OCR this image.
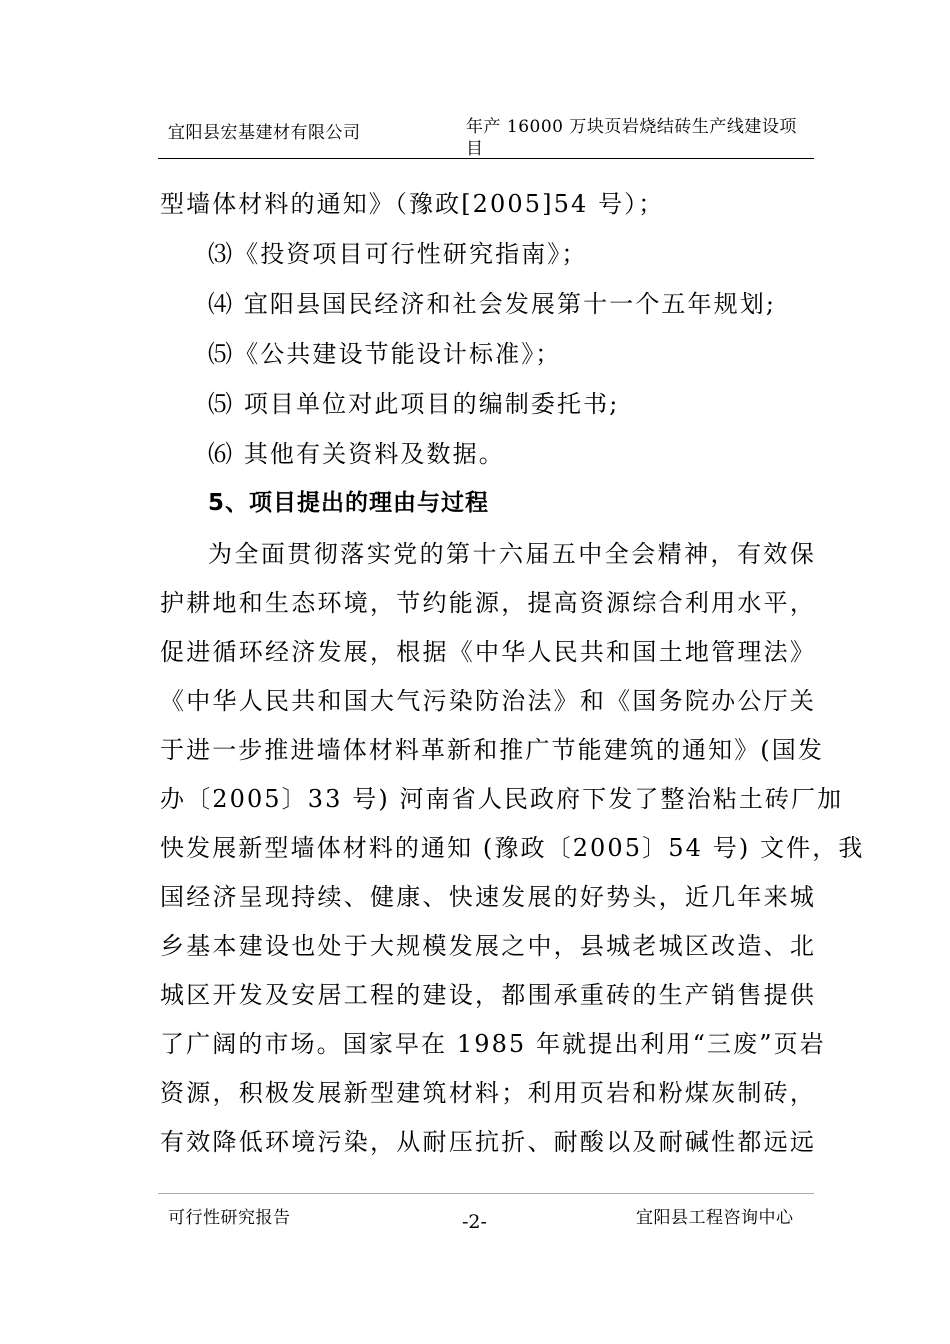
宜阳县宏基建材有限公司	年产 16000 万块页岩烧结砖生产线建设项
目
型墙体材料的通知》（豫政[2005]54 号）；
⑶《投资项目可行性研究指南》；
⑷ 宜阳县国民经济和社会发展第十一个五年规划;
⑸《公共建设节能设计标准》；
⑸ 项目单位对此项目的编制委托书;
⑹ 其他有关资料及数据。
5、项目提出的理由与过程
为全面贯彻落实党的第十六届五中全会精神，有效保
护耕地和生态环境，节约能源，提高资源综合利用水平，
促进循环经济发展，根据《中华人民共和国土地管理法》
《中华人民共和国大气污染防治法》和《国务院办公厅关
于进一步推进墙体材料革新和推广节能建筑的通知》(国发
办〔2005〕33 号) 河南省人民政府下发了整治粘土砖厂加
快发展新型墙体材料的通知 (豫政〔2005〕54 号) 文件，我
国经济呈现持续、健康、快速发展的好势头，近几年来城
乡基本建设也处于大规模发展之中，县城老城区改造、北
城区开发及安居工程的建设，都围承重砖的生产销售提供
了广阔的市场。国家早在 1985 年就提出利用“三废”页岩
资源，积极发展新型建筑材料；利用页岩和粉煤灰制砖，
有效降低环境污染，从耐压抗折、耐酸以及耐碱性都远远
可行性研究报告	-2-	宜阳县工程咨询中心
